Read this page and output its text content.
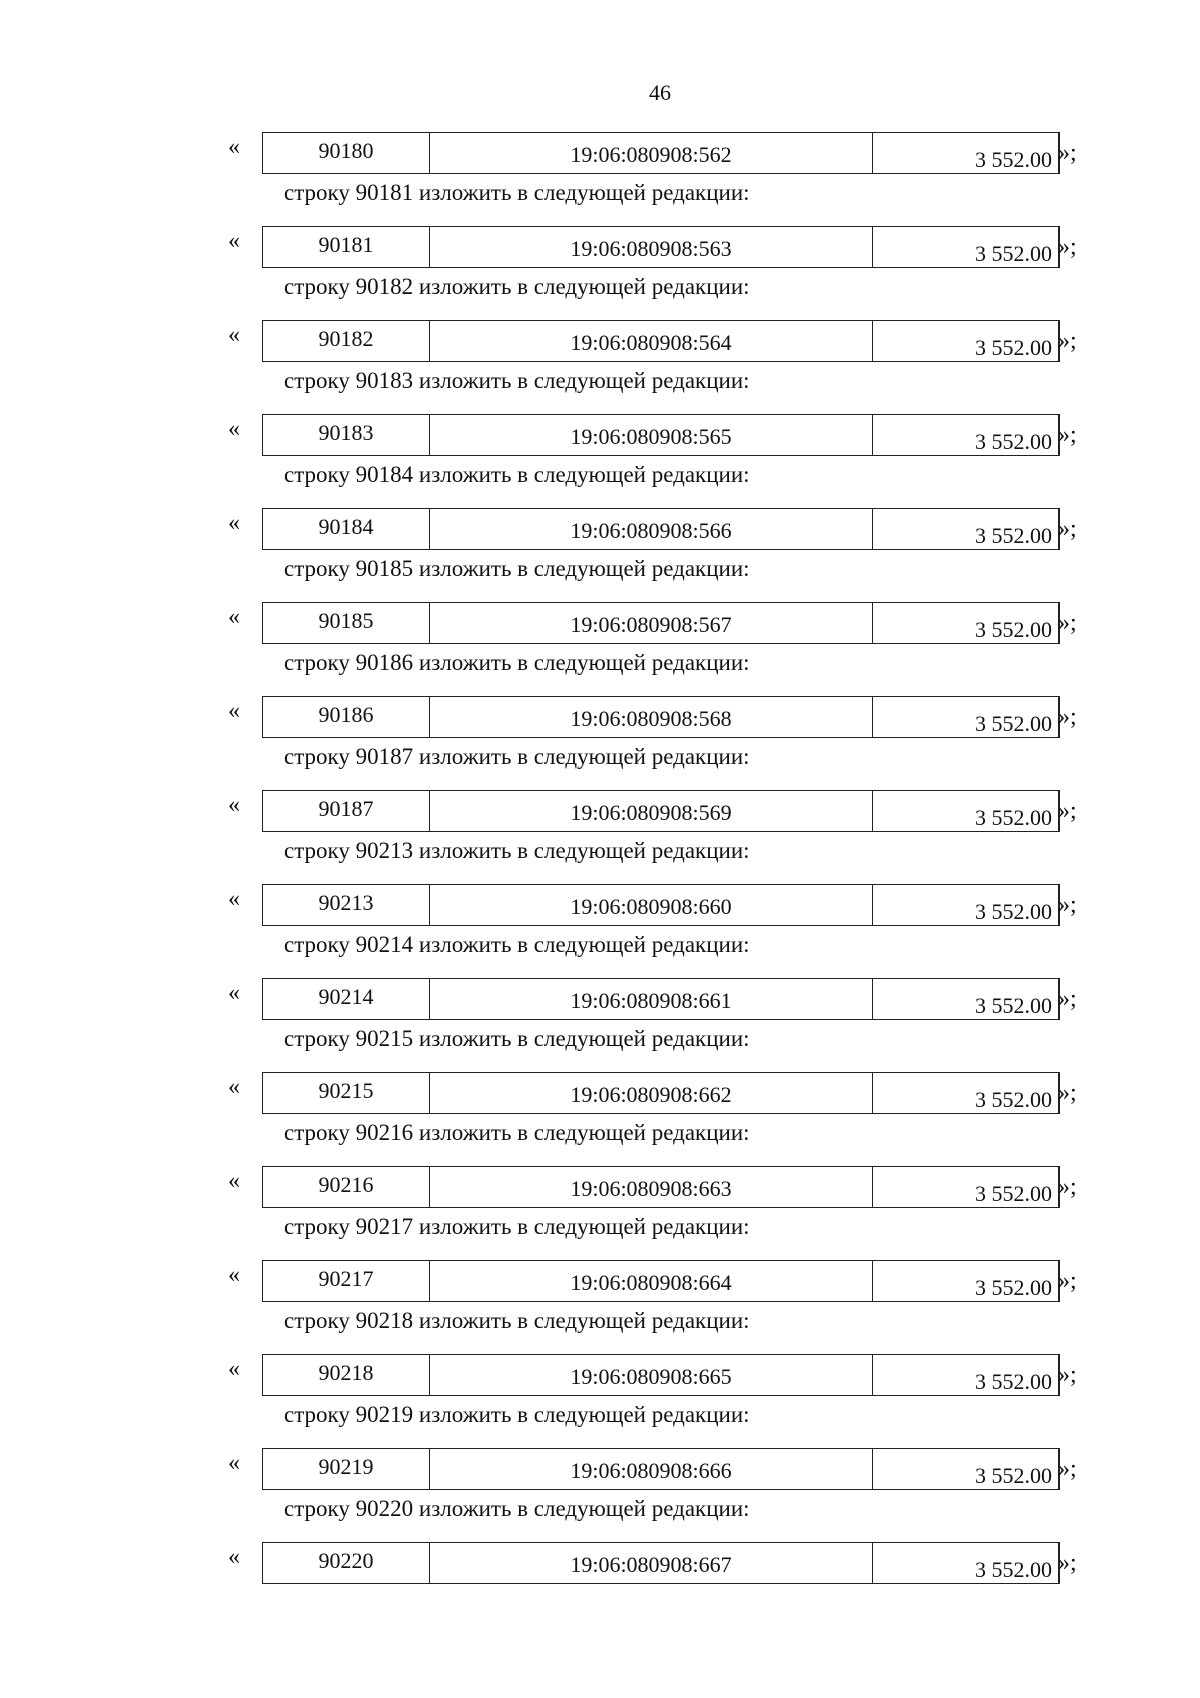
46
«	90180	19:06:080908:562	3 552.00 »;
строку 90181 изложить в следующей редакции:
«	90181	19:06:080908:563	3 552.00 »;
строку 90182 изложить в следующей редакции:
«	90182	19:06:080908:564	3 552.00 »;
строку 90183 изложить в следующей редакции:
«	90183	19:06:080908:565	3 552.00 »;
строку 90184 изложить в следующей редакции:
«	90184	19:06:080908:566	3 552.00 »;
строку 90185 изложить в следующей редакции:
«	90185	19:06:080908:567	3 552.00 »;
строку 90186 изложить в следующей редакции:
«	90186	19:06:080908:568	3 552.00 »;
строку 90187 изложить в следующей редакции:
«	90187	19:06:080908:569	3 552.00 »;
строку 90213 изложить в следующей редакции:
«	90213	19:06:080908:660	3 552.00 »;
строку 90214 изложить в следующей редакции:
«	90214	19:06:080908:661	3 552.00 »;
строку 90215 изложить в следующей редакции:
«	90215	19:06:080908:662	3 552.00 »;
строку 90216 изложить в следующей редакции:
«	90216	19:06:080908:663	3 552.00 »;
строку 90217 изложить в следующей редакции:
«	90217	19:06:080908:664	3 552.00 »;
строку 90218 изложить в следующей редакции:
«	90218	19:06:080908:665	3 552.00 »;
строку 90219 изложить в следующей редакции:
«	90219	19:06:080908:666	3 552.00 »;
строку 90220 изложить в следующей редакции:
«	90220	19:06:080908:667	3 552.00 »;
